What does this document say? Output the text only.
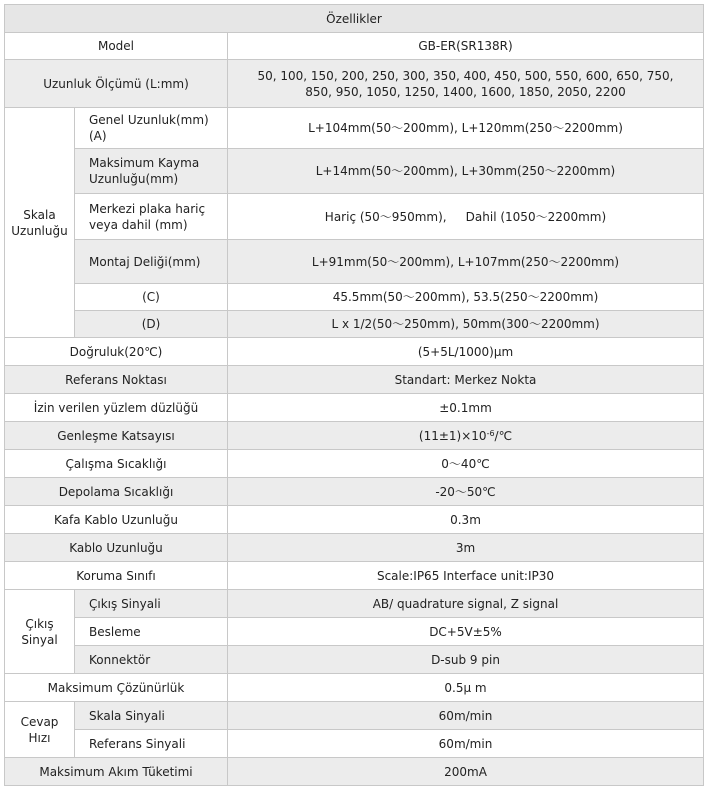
Özellikler		
Model		GB-ER(SR138R)
Uzunluk Ölçümü (L:mm)		50, 100, 150, 200, 250, 300, 350, 400, 450, 500, 550, 600, 650, 750,
850, 950, 1050, 1250, 1400, 1600, 1850, 2050, 2200

Skala Uzunluğu	Genel Uzunluk(mm) (A)	L+104mm(50～200mm), L+120mm(250～2200mm)
	Maksimum Kayma Uzunluğu(mm)	L+14mm(50～200mm), L+30mm(250～2200mm)
	Merkezi plaka hariç veya dahil (mm)	Hariç (50～950mm), Dahil (1050～2200mm)
	Montaj Deliği(mm)	L+91mm(50～200mm), L+107mm(250～2200mm)
	(C)	45.5mm(50～200mm), 53.5(250～2200mm)
	(D)	L x 1/2(50～250mm), 50mm(300～2200mm)
Doğruluk(20℃)		(5+5L/1000)μm
Referans Noktası		Standart: Merkez Nokta
İzin verilen yüzlem düzlüğü		±0.1mm
Genleşme Katsayısı		$(11\pm 1)\times 10^{-6}/℃$
Çalışma Sıcaklığı		0～40℃
Depolama Sıcaklığı		-20～50℃
Kafa Kablo Uzunluğu		0.3m
Kablo Uzunluğu		3m
Koruma Sınıfı		Scale:IP65 Interface unit:IP30
Çıkış Sinyal	Çıkış Sinyali	AB/ quadrature signal, Z signal
	Besleme	DC+5V±5%
	Konnektör	D-sub 9 pin
Maksimum Çözünürlük		0.5μ m
Cevap Hızı	Skala Sinyali	60m/min
	Referans Sinyali	60m/min
Maksimum Akım Tüketimi		200mA
